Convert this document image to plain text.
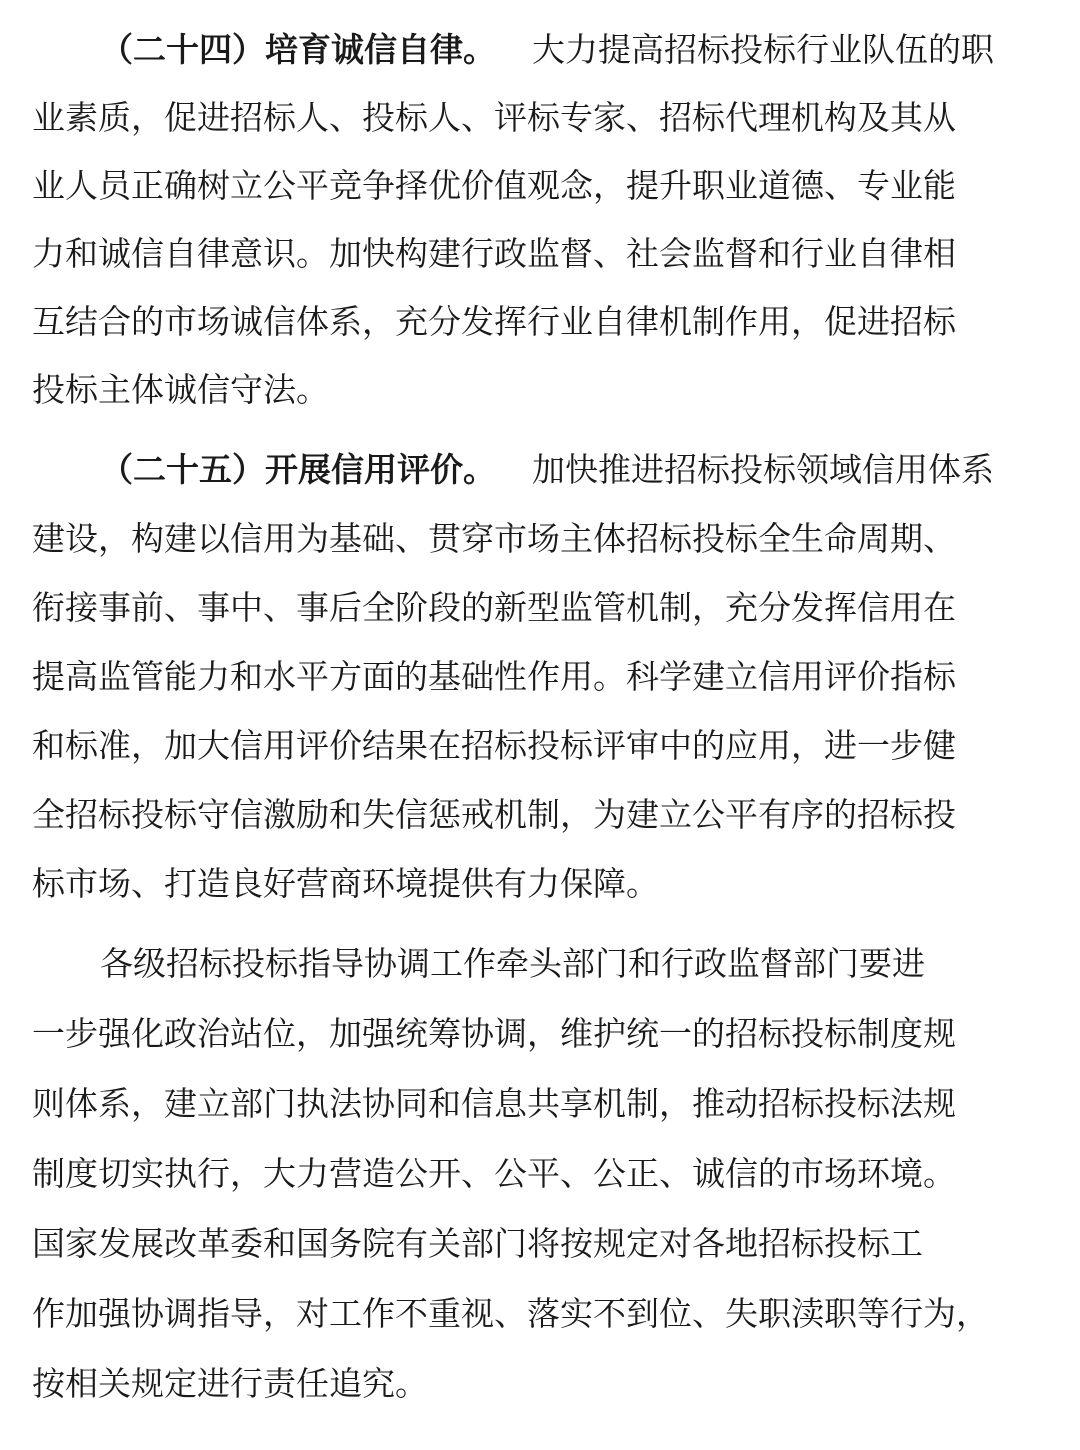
（二十四）培育诚信自律。 大力提高招标投标行业队伍的职
业素质，促进招标人、投标人、评标专家、招标代理机构及其从
业人员正确树立公平竞争择优价值观念，提升职业道德、专业能
力和诚信自律意识。加快构建行政监督、社会监督和行业自律相
互结合的市场诚信体系，充分发挥行业自律机制作用，促进招标
投标主体诚信守法。
（二十五）开展信用评价。 加快推进招标投标领域信用体系
建设，构建以信用为基础、贯穿市场主体招标投标全生命周期、
衔接事前、事中、事后全阶段的新型监管机制，充分发挥信用在
提高监管能力和水平方面的基础性作用。科学建立信用评价指标
和标准，加大信用评价结果在招标投标评审中的应用，进一步健
全招标投标守信激励和失信惩戒机制，为建立公平有序的招标投
标市场、打造良好营商环境提供有力保障。
各级招标投标指导协调工作牵头部门和行政监督部门要进
一步强化政治站位，加强统筹协调，维护统一的招标投标制度规
则体系，建立部门执法协同和信息共享机制，推动招标投标法规
制度切实执行，大力营造公开、公平、公正、诚信的市场环境。
国家发展改革委和国务院有关部门将按规定对各地招标投标工
作加强协调指导，对工作不重视、落实不到位、失职渎职等行为，
按相关规定进行责任追究。
